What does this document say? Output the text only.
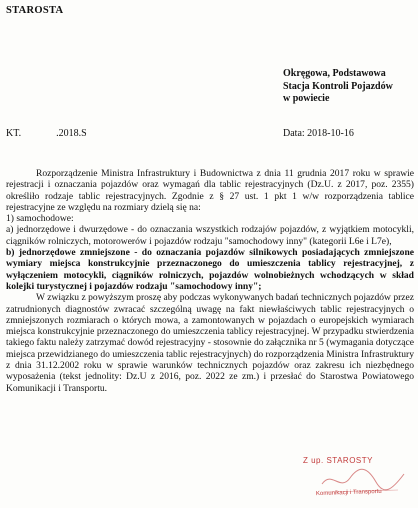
STAROSTA
Okręgowa, Podstawowa
Stacja Kontroli Pojazdów
w powiecie
KT.              .2018.S	Data: 2018-10-16

Rozporządzenie Ministra Infrastruktury i Budownictwa z dnia 11 grudnia 2017 roku w sprawie rejestracji i oznaczania pojazdów oraz wymagań dla tablic rejestracyjnych (Dz.U. z 2017, poz. 2355) określiło rodzaje tablic rejestracyjnych. Zgodnie z § 27 ust. 1 pkt 1 w/w rozporządzenia tablice rejestracyjne ze względu na rozmiary dzielą się na:

1) samochodowe:

a) jednorzędowe i dwurzędowe - do oznaczania wszystkich rodzajów pojazdów, z wyjątkiem motocykli, ciągników rolniczych, motorowerów i pojazdów rodzaju "samochodowy inny" (kategorii L6e i L7e),

b) jednorzędowe zmniejszone - do oznaczania pojazdów silnikowych posiadających zmniejszone wymiary miejsca konstrukcyjnie przeznaczonego do umieszczenia tablicy rejestracyjnej, z wyłączeniem motocykli, ciągników rolniczych, pojazdów wolnobieżnych wchodzących w skład kolejki turystycznej i pojazdów rodzaju "samochodowy inny";

W związku z powyższym proszę aby podczas wykonywanych badań technicznych pojazdów przez zatrudnionych diagnostów zwracać szczególną uwagę na fakt niewłaściwych tablic rejestracyjnych o zmniejszonych rozmiarach o których mowa, a zamontowanych w pojazdach o europejskich wymiarach miejsca konstrukcyjnie przeznaczonego do umieszczenia tablicy rejestracyjnej. W przypadku stwierdzenia takiego faktu należy zatrzymać dowód rejestracyjny - stosownie do załącznika nr 5 (wymagania dotyczące miejsca przewidzianego do umieszczenia tablic rejestracyjnych) do rozporządzenia Ministra Infrastruktury z dnia 31.12.2002 roku w sprawie warunków technicznych pojazdów oraz zakresu ich niezbędnego wyposażenia (tekst jednolity: Dz.U z 2016, poz. 2022 ze zm.) i przesłać do Starostwa Powiatowego Komunikacji i Transportu.

Z up. STAROSTY
Komunikacji i Transportu
